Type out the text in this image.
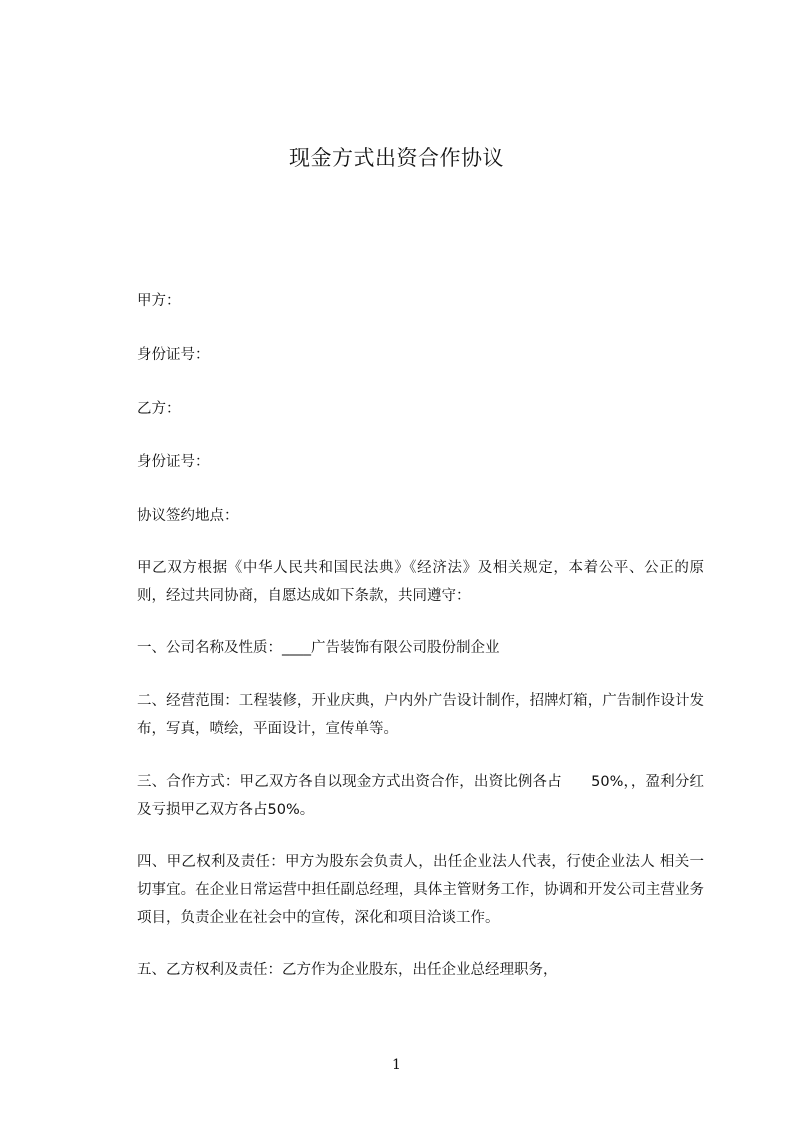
现金方式出资合作协议
甲方：
身份证号：
乙方：
身份证号：
协议签约地点：
甲乙双方根据《中华人民共和国民法典》《经济法》及相关规定，本着公平、公正的原则，经过共同协商，自愿达成如下条款，共同遵守：
一、公司名称及性质：____广告装饰有限公司股份制企业
二、经营范围：工程装修，开业庆典，户内外广告设计制作，招牌灯箱，广告制作设计发布，写真，喷绘，平面设计，宣传单等。
三、合作方式：甲乙双方各自以现金方式出资合作，出资比例各占　　50%，，盈利分红及亏损甲乙双方各占50%。
四、甲乙权利及责任：甲方为股东会负责人，出任企业法人代表，行使企业法人 相关一切事宜。在企业日常运营中担任副总经理，具体主管财务工作，协调和开发公司主营业务项目，负责企业在社会中的宣传，深化和项目洽谈工作。
五、乙方权利及责任：乙方作为企业股东，出任企业总经理职务，
1
